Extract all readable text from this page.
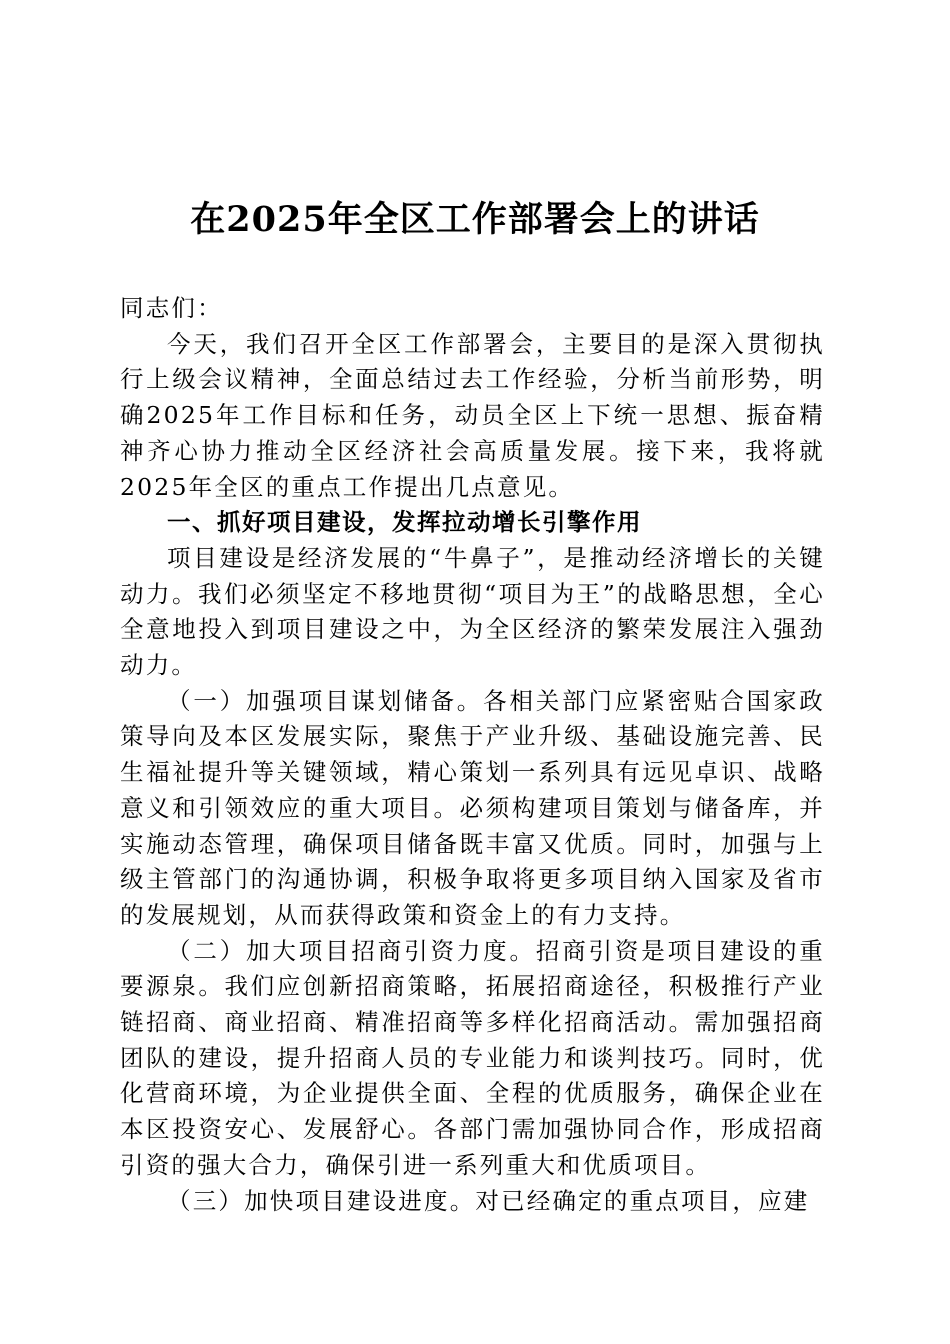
在2025年全区工作部署会上的讲话

同志们：

今天，我们召开全区工作部署会，主要目的是深入贯彻执行上级会议精神，全面总结过去工作经验，分析当前形势，明确2025年工作目标和任务，动员全区上下统一思想、振奋精神齐心协力推动全区经济社会高质量发展。接下来，我将就2025年全区的重点工作提出几点意见。

一、抓好项目建设，发挥拉动增长引擎作用

项目建设是经济发展的“牛鼻子”，是推动经济增长的关键动力。我们必须坚定不移地贯彻“项目为王”的战略思想，全心全意地投入到项目建设之中，为全区经济的繁荣发展注入强劲动力。

（一）加强项目谋划储备。各相关部门应紧密贴合国家政策导向及本区发展实际，聚焦于产业升级、基础设施完善、民生福祉提升等关键领域，精心策划一系列具有远见卓识、战略意义和引领效应的重大项目。必须构建项目策划与储备库，并实施动态管理，确保项目储备既丰富又优质。同时，加强与上级主管部门的沟通协调，积极争取将更多项目纳入国家及省市的发展规划，从而获得政策和资金上的有力支持。

（二）加大项目招商引资力度。招商引资是项目建设的重要源泉。我们应创新招商策略，拓展招商途径，积极推行产业链招商、商业招商、精准招商等多样化招商活动。需加强招商团队的建设，提升招商人员的专业能力和谈判技巧。同时，优化营商环境，为企业提供全面、全程的优质服务，确保企业在本区投资安心、发展舒心。各部门需加强协同合作，形成招商引资的强大合力，确保引进一系列重大和优质项目。

（三）加快项目建设进度。对已经确定的重点项目，应建
